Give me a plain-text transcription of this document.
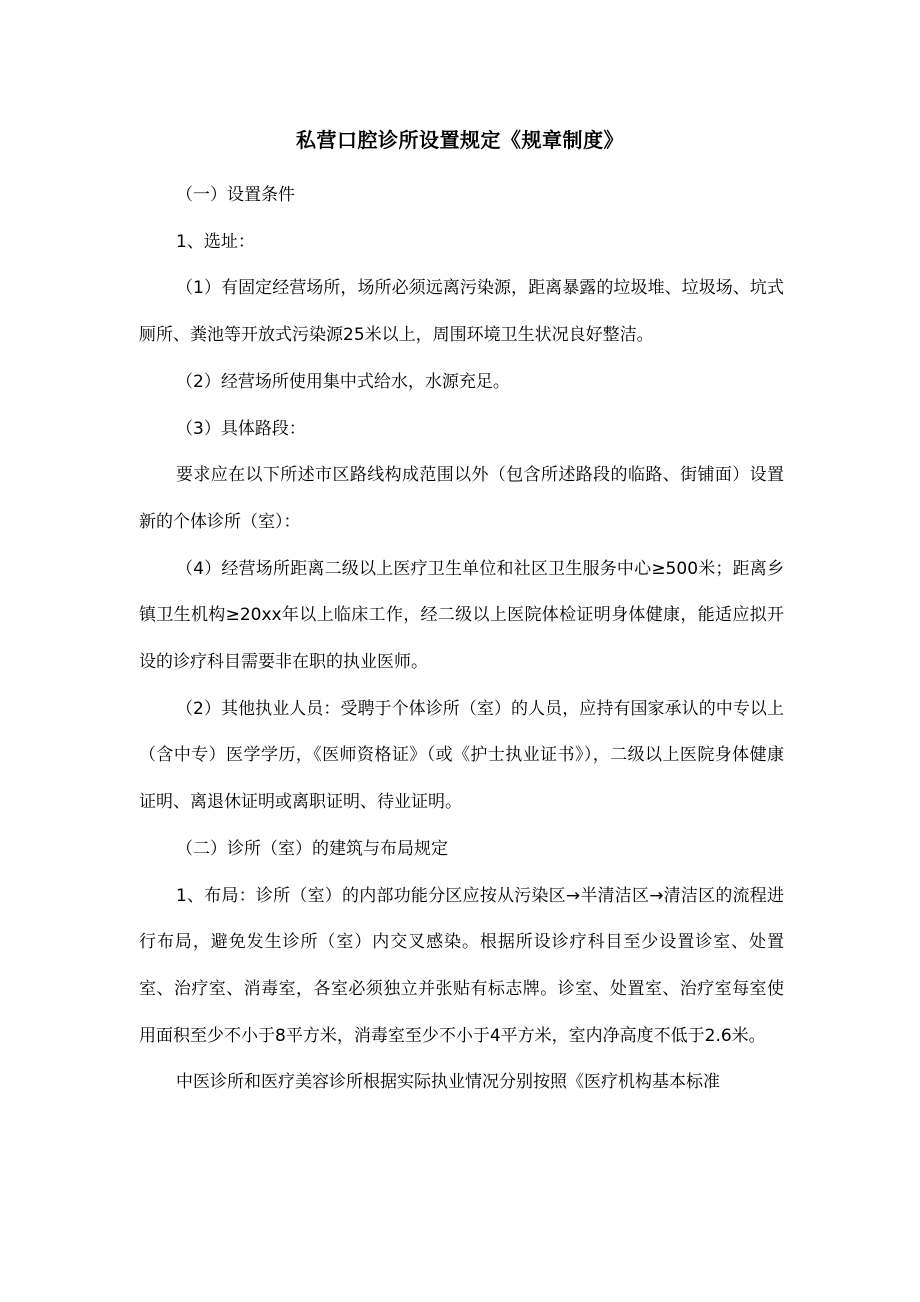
私营口腔诊所设置规定《规章制度》

（一）设置条件

1、选址：

（1）有固定经营场所，场所必须远离污染源，距离暴露的垃圾堆、垃圾场、坑式厕所、粪池等开放式污染源25米以上，周围环境卫生状况良好整洁。

（2）经营场所使用集中式给水，水源充足。

（3）具体路段：

要求应在以下所述市区路线构成范围以外（包含所述路段的临路、街铺面）设置新的个体诊所（室）：

（4）经营场所距离二级以上医疗卫生单位和社区卫生服务中心≥500米；距离乡镇卫生机构≥20xx年以上临床工作，经二级以上医院体检证明身体健康，能适应拟开设的诊疗科目需要非在职的执业医师。

（2）其他执业人员：受聘于个体诊所（室）的人员，应持有国家承认的中专以上（含中专）医学学历，《医师资格证》（或《护士执业证书》），二级以上医院身体健康证明、离退休证明或离职证明、待业证明。

（二）诊所（室）的建筑与布局规定

1、布局：诊所（室）的内部功能分区应按从污染区→半清洁区→清洁区的流程进行布局，避免发生诊所（室）内交叉感染。根据所设诊疗科目至少设置诊室、处置室、治疗室、消毒室，各室必须独立并张贴有标志牌。诊室、处置室、治疗室每室使用面积至少不小于8平方米，消毒室至少不小于4平方米，室内净高度不低于2.6米。

中医诊所和医疗美容诊所根据实际执业情况分别按照《医疗机构基本标准
